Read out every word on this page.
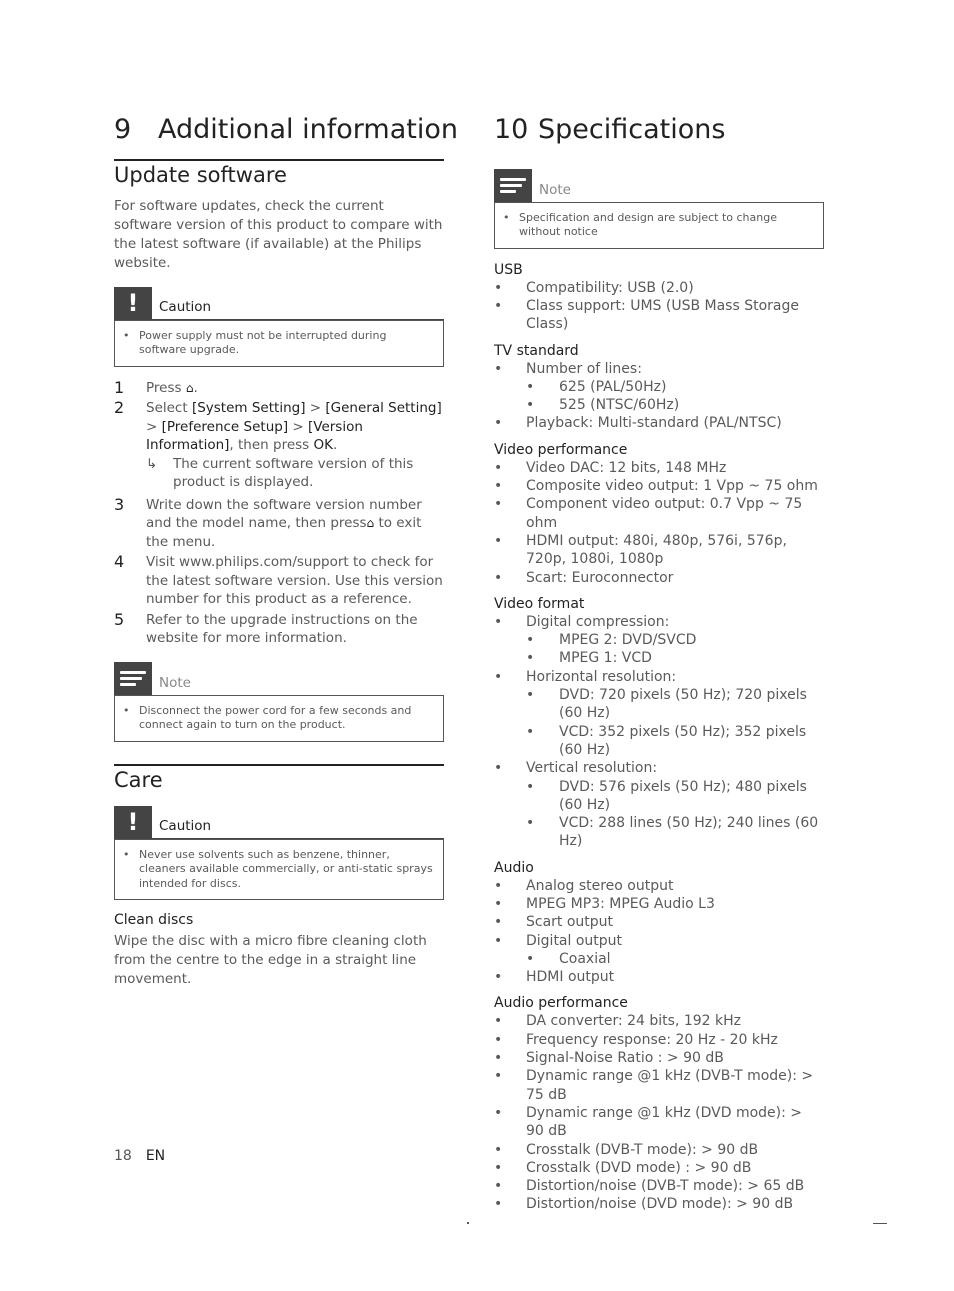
9 Additional information
Update software

For software updates, check the current software version of this product to compare with the latest software (if available) at the Philips website.

!	Caution
• Power supply must not be interrupted during software upgrade.
1	Press ⌂.
2	Select [System Setting] > [General Setting] > [Preference Setup] > [Version Information], then press OK.
↳	The current software version of this product is displayed.
3	Write down the software version number and the model name, then press⌂ to exit the menu.
4	Visit www.philips.com/support to check for the latest software version. Use this version number for this product as a reference.
5	Refer to the upgrade instructions on the website for more information.
Note
• Disconnect the power cord for a few seconds and connect again to turn on the product.
Care
!	Caution
• Never use solvents such as benzene, thinner, cleaners available commercially, or anti-static sprays intended for discs.
Clean discs

Wipe the disc with a micro fibre cleaning cloth from the centre to the edge in a straight line movement.

10 Specifications
Note
• Specification and design are subject to change without notice
USB
•	Compatibility: USB (2.0)
•	Class support: UMS (USB Mass Storage Class)
TV standard
•	Number of lines:
•	625 (PAL/50Hz)
•	525 (NTSC/60Hz)
•	Playback: Multi-standard (PAL/NTSC)
Video performance
•	Video DAC: 12 bits, 148 MHz
•	Composite video output: 1 Vpp ~ 75 ohm
•	Component video output: 0.7 Vpp ~ 75 ohm
•	HDMI output: 480i, 480p, 576i, 576p, 720p, 1080i, 1080p
•	Scart: Euroconnector
Video format
•	Digital compression:
•	MPEG 2: DVD/SVCD
•	MPEG 1: VCD
•	Horizontal resolution:
•	DVD: 720 pixels (50 Hz); 720 pixels (60 Hz)
•	VCD: 352 pixels (50 Hz); 352 pixels (60 Hz)
•	Vertical resolution:
•	DVD: 576 pixels (50 Hz); 480 pixels (60 Hz)
•	VCD: 288 lines (50 Hz); 240 lines (60 Hz)
Audio
•	Analog stereo output
•	MPEG MP3: MPEG Audio L3
•	Scart output
•	Digital output
•	Coaxial
•	HDMI output
Audio performance
•	DA converter: 24 bits, 192 kHz
•	Frequency response: 20 Hz - 20 kHz
•	Signal-Noise Ratio : > 90 dB
•	Dynamic range @1 kHz (DVB-T mode): > 75 dB
•	Dynamic range @1 kHz (DVD mode): > 90 dB
•	Crosstalk (DVB-T mode): > 90 dB
•	Crosstalk (DVD mode) : > 90 dB
•	Distortion/noise (DVB-T mode): > 65 dB
•	Distortion/noise (DVD mode): > 90 dB
18 EN
